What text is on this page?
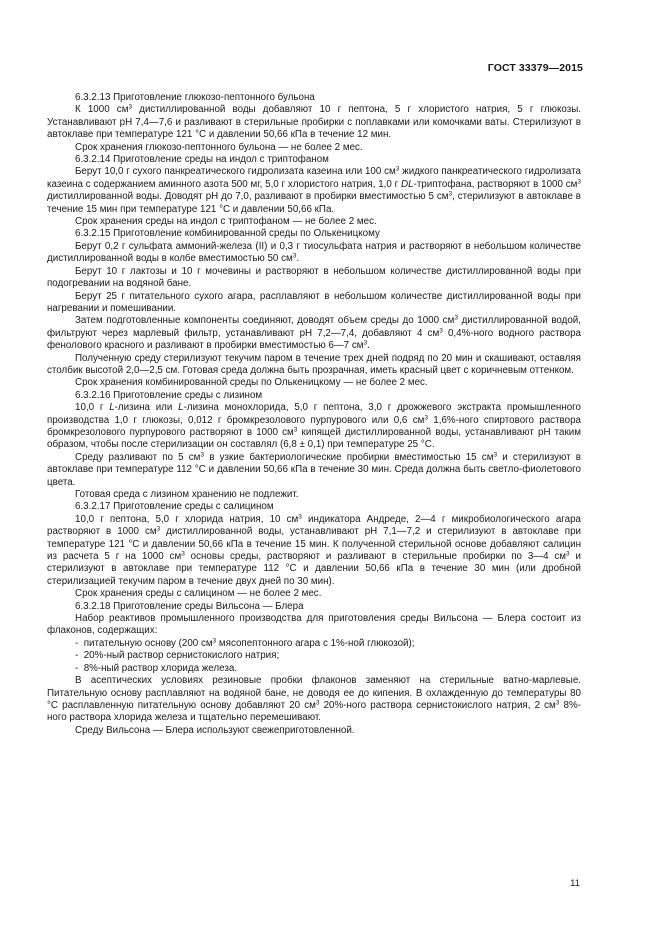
ГОСТ 33379—2015

6.3.2.13 Приготовление глюкозо-пептонного бульона

К 1000 $см^3$ дистиллированной воды добавляют 10 г пептона, 5 г хлористого натрия, 5 г глюкозы. Устанавливают рН 7,4—7,6 и разливают в стерильные пробирки с поплавками или комочками ваты. Стерилизуют в автоклаве при температуре 121 °С и давлении 50,66 кПа в течение 12 мин.

Срок хранения глюкозо-пептонного бульона — не более 2 мес.

6.3.2.14 Приготовление среды на индол с триптофаном

Берут 10,0 г сухого панкреатического гидролизата казеина или 100 $см^3$ жидкого панкреатического гидролизата казеина с содержанием аминного азота 500 мг, 5,0 г хлористого натрия, 1,0 г DL-триптофана, растворяют в 1000 $см^3$ дистиллированной воды. Доводят рН до 7,0, разливают в пробирки вместимостью 5 $см^3$, стерилизуют в автоклаве в течение 15 мин при температуре 121 °С и давлении 50,66 кПа.

Срок хранения среды на индол с триптофаном — не более 2 мес.

6.3.2.15 Приготовление комбинированной среды по Олькеницкому

Берут 0,2 г сульфата аммоний-железа (II) и 0,3 г тиосульфата натрия и растворяют в небольшом количестве дистиллированной воды в колбе вместимостью 50 $см^3$.

Берут 10 г лактозы и 10 г мочевины и растворяют в небольшом количестве дистиллированной воды при подогревании на водяной бане.

Берут 25 г питательного сухого агара, расплавляют в небольшом количестве дистиллированной воды при нагревании и помешивании.

Затем подготовленные компоненты соединяют, доводят объем среды до 1000 $см^3$ дистиллированной водой, фильтруют через марлевый фильтр, устанавливают рН 7,2—7,4, добавляют 4 $см^3$ 0,4%-ного водного раствора фенолового красного и разливают в пробирки вместимостью 6—7 $см^3$.

Полученную среду стерилизуют текучим паром в течение трех дней подряд по 20 мин и скашивают, оставляя столбик высотой 2,0—2,5 см. Готовая среда должна быть прозрачная, иметь красный цвет с коричневым оттенком.

Срок хранения комбинированной среды по Олькеницкому — не более 2 мес.

6.3.2.16 Приготовление среды с лизином

10,0 г L-лизина или L-лизина монохлорида, 5,0 г пептона, 3,0 г дрожжевого экстракта промышленного производства 1,0 г глюкозы, 0,012 г бромкрезолового пурпурового или 0,6 $см^3$ 1,6%-ного спиртового раствора бромкрезолового пурпурового растворяют в 1000 $см^3$ кипящей дистиллированной воды, устанавливают рН таким образом, чтобы после стерилизации он составлял (6,8 ± 0,1) при температуре 25 °С.

Среду разливают по 5 $см^3$ в узкие бактериологические пробирки вместимостью 15 $см^3$ и стерилизуют в автоклаве при температуре 112 °С и давлении 50,66 кПа в течение 30 мин. Среда должна быть светло-фиолетового цвета.

Готовая среда с лизином хранению не подлежит.

6.3.2.17 Приготовление среды с салицином

10,0 г пептона, 5,0 г хлорида натрия, 10 $см^3$ индикатора Андреде, 2—4 г микробиологического агара растворяют в 1000 $см^3$ дистиллированной воды, устанавливают рН 7,1—7,2 и стерилизуют в автоклаве при температуре 121 °С и давлении 50,66 кПа в течение 15 мин. К полученной стерильной основе добавляют салицин из расчета 5 г на 1000 $см^3$ основы среды, растворяют и разливают в стерильные пробирки по 3—4 $см^3$ и стерилизуют в автоклаве при температуре 112 °С и давлении 50,66 кПа в течение 30 мин (или дробной стерилизацией текучим паром в течение двух дней по 30 мин).

Срок хранения среды с салицином — не более 2 мес.

6.3.2.18 Приготовление среды Вильсона — Блера

Набор реактивов промышленного производства для приготовления среды Вильсона — Блера состоит из флаконов, содержащих:

-  питательную основу (200 $см^3$ мясопептонного агара с 1%-ной глюкозой);

-  20%-ный раствор сернистокислого натрия;

-  8%-ный раствор хлорида железа.

В асептических условиях резиновые пробки флаконов заменяют на стерильные ватно-марлевые. Питательную основу расплавляют на водяной бане, не доводя ее до кипения. В охлажденную до температуры 80 °С расплавленную питательную основу добавляют 20 $см^3$ 20%-ного раствора сернистокислого натрия, 2 $см^3$ 8%-ного раствора хлорида железа и тщательно перемешивают.

Среду Вильсона — Блера используют свежеприготовленной.

11
